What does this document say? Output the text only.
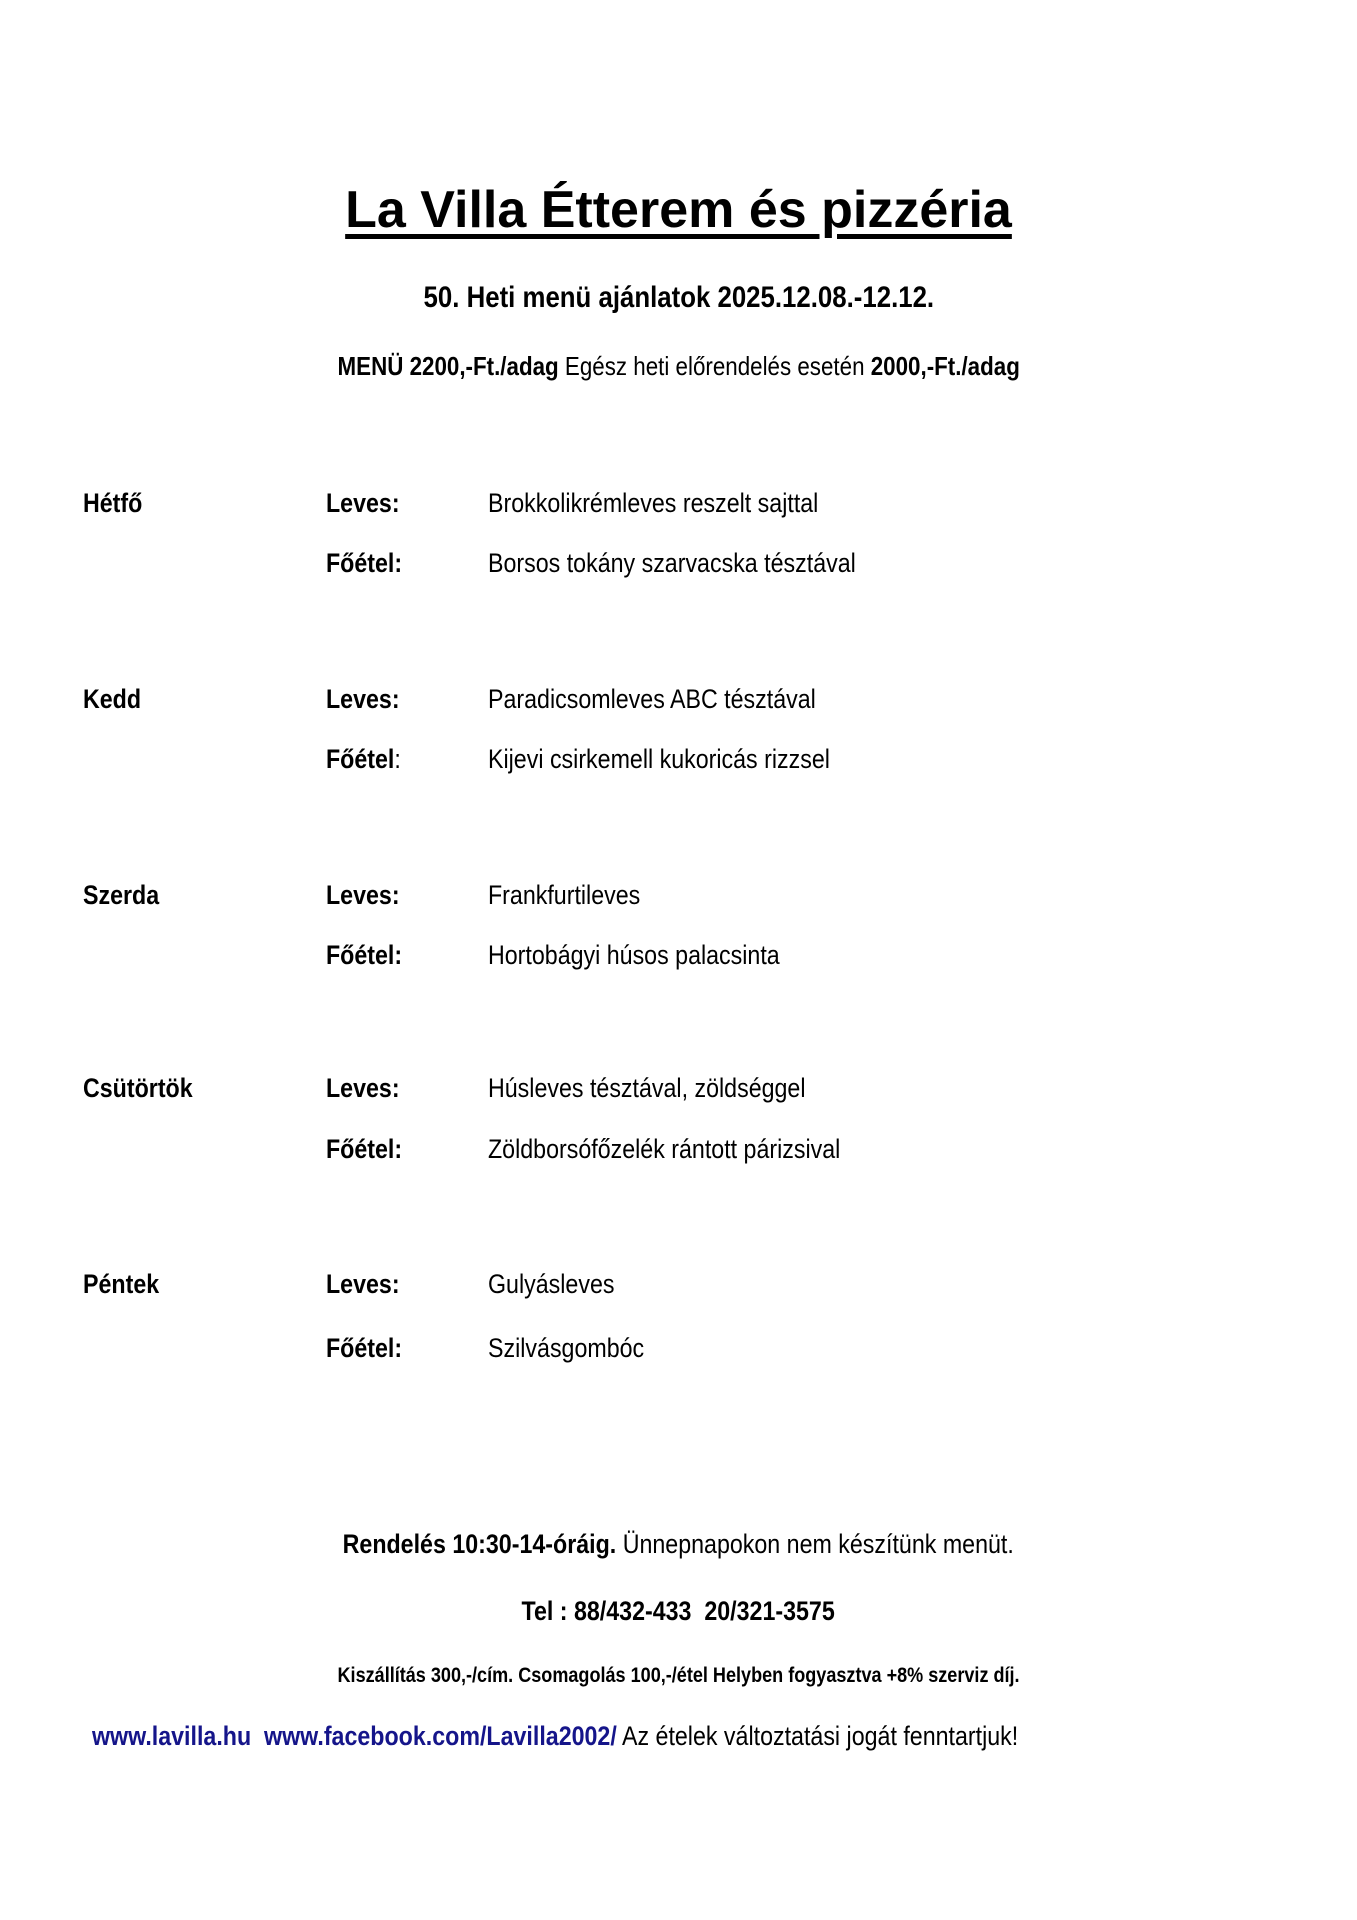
La Villa Étterem és pizzéria
50. Heti menü ajánlatok 2025.12.08.-12.12.
MENÜ 2200,-Ft./adag Egész heti előrendelés esetén 2000,-Ft./adag
Hétfő	Leves:	Brokkolikrémleves reszelt sajttal
Főétel:	Borsos tokány szarvacska tésztával
Kedd	Leves:	Paradicsomleves ABC tésztával
Főétel:	Kijevi csirkemell kukoricás rizzsel
Szerda	Leves:	Frankfurtileves
Főétel:	Hortobágyi húsos palacsinta
Csütörtök	Leves:	Húsleves tésztával, zöldséggel
Főétel:	Zöldborsófőzelék rántott párizsival
Péntek	Leves:	Gulyásleves
Főétel:	Szilvásgombóc
Rendelés 10:30-14-óráig. Ünnepnapokon nem készítünk menüt.
Tel : 88/432-433  20/321-3575
Kiszállítás 300,-/cím. Csomagolás 100,-/étel Helyben fogyasztva +8% szerviz díj.
www.lavilla.hu www.facebook.com/Lavilla2002/ Az ételek változtatási jogát fenntartjuk!
